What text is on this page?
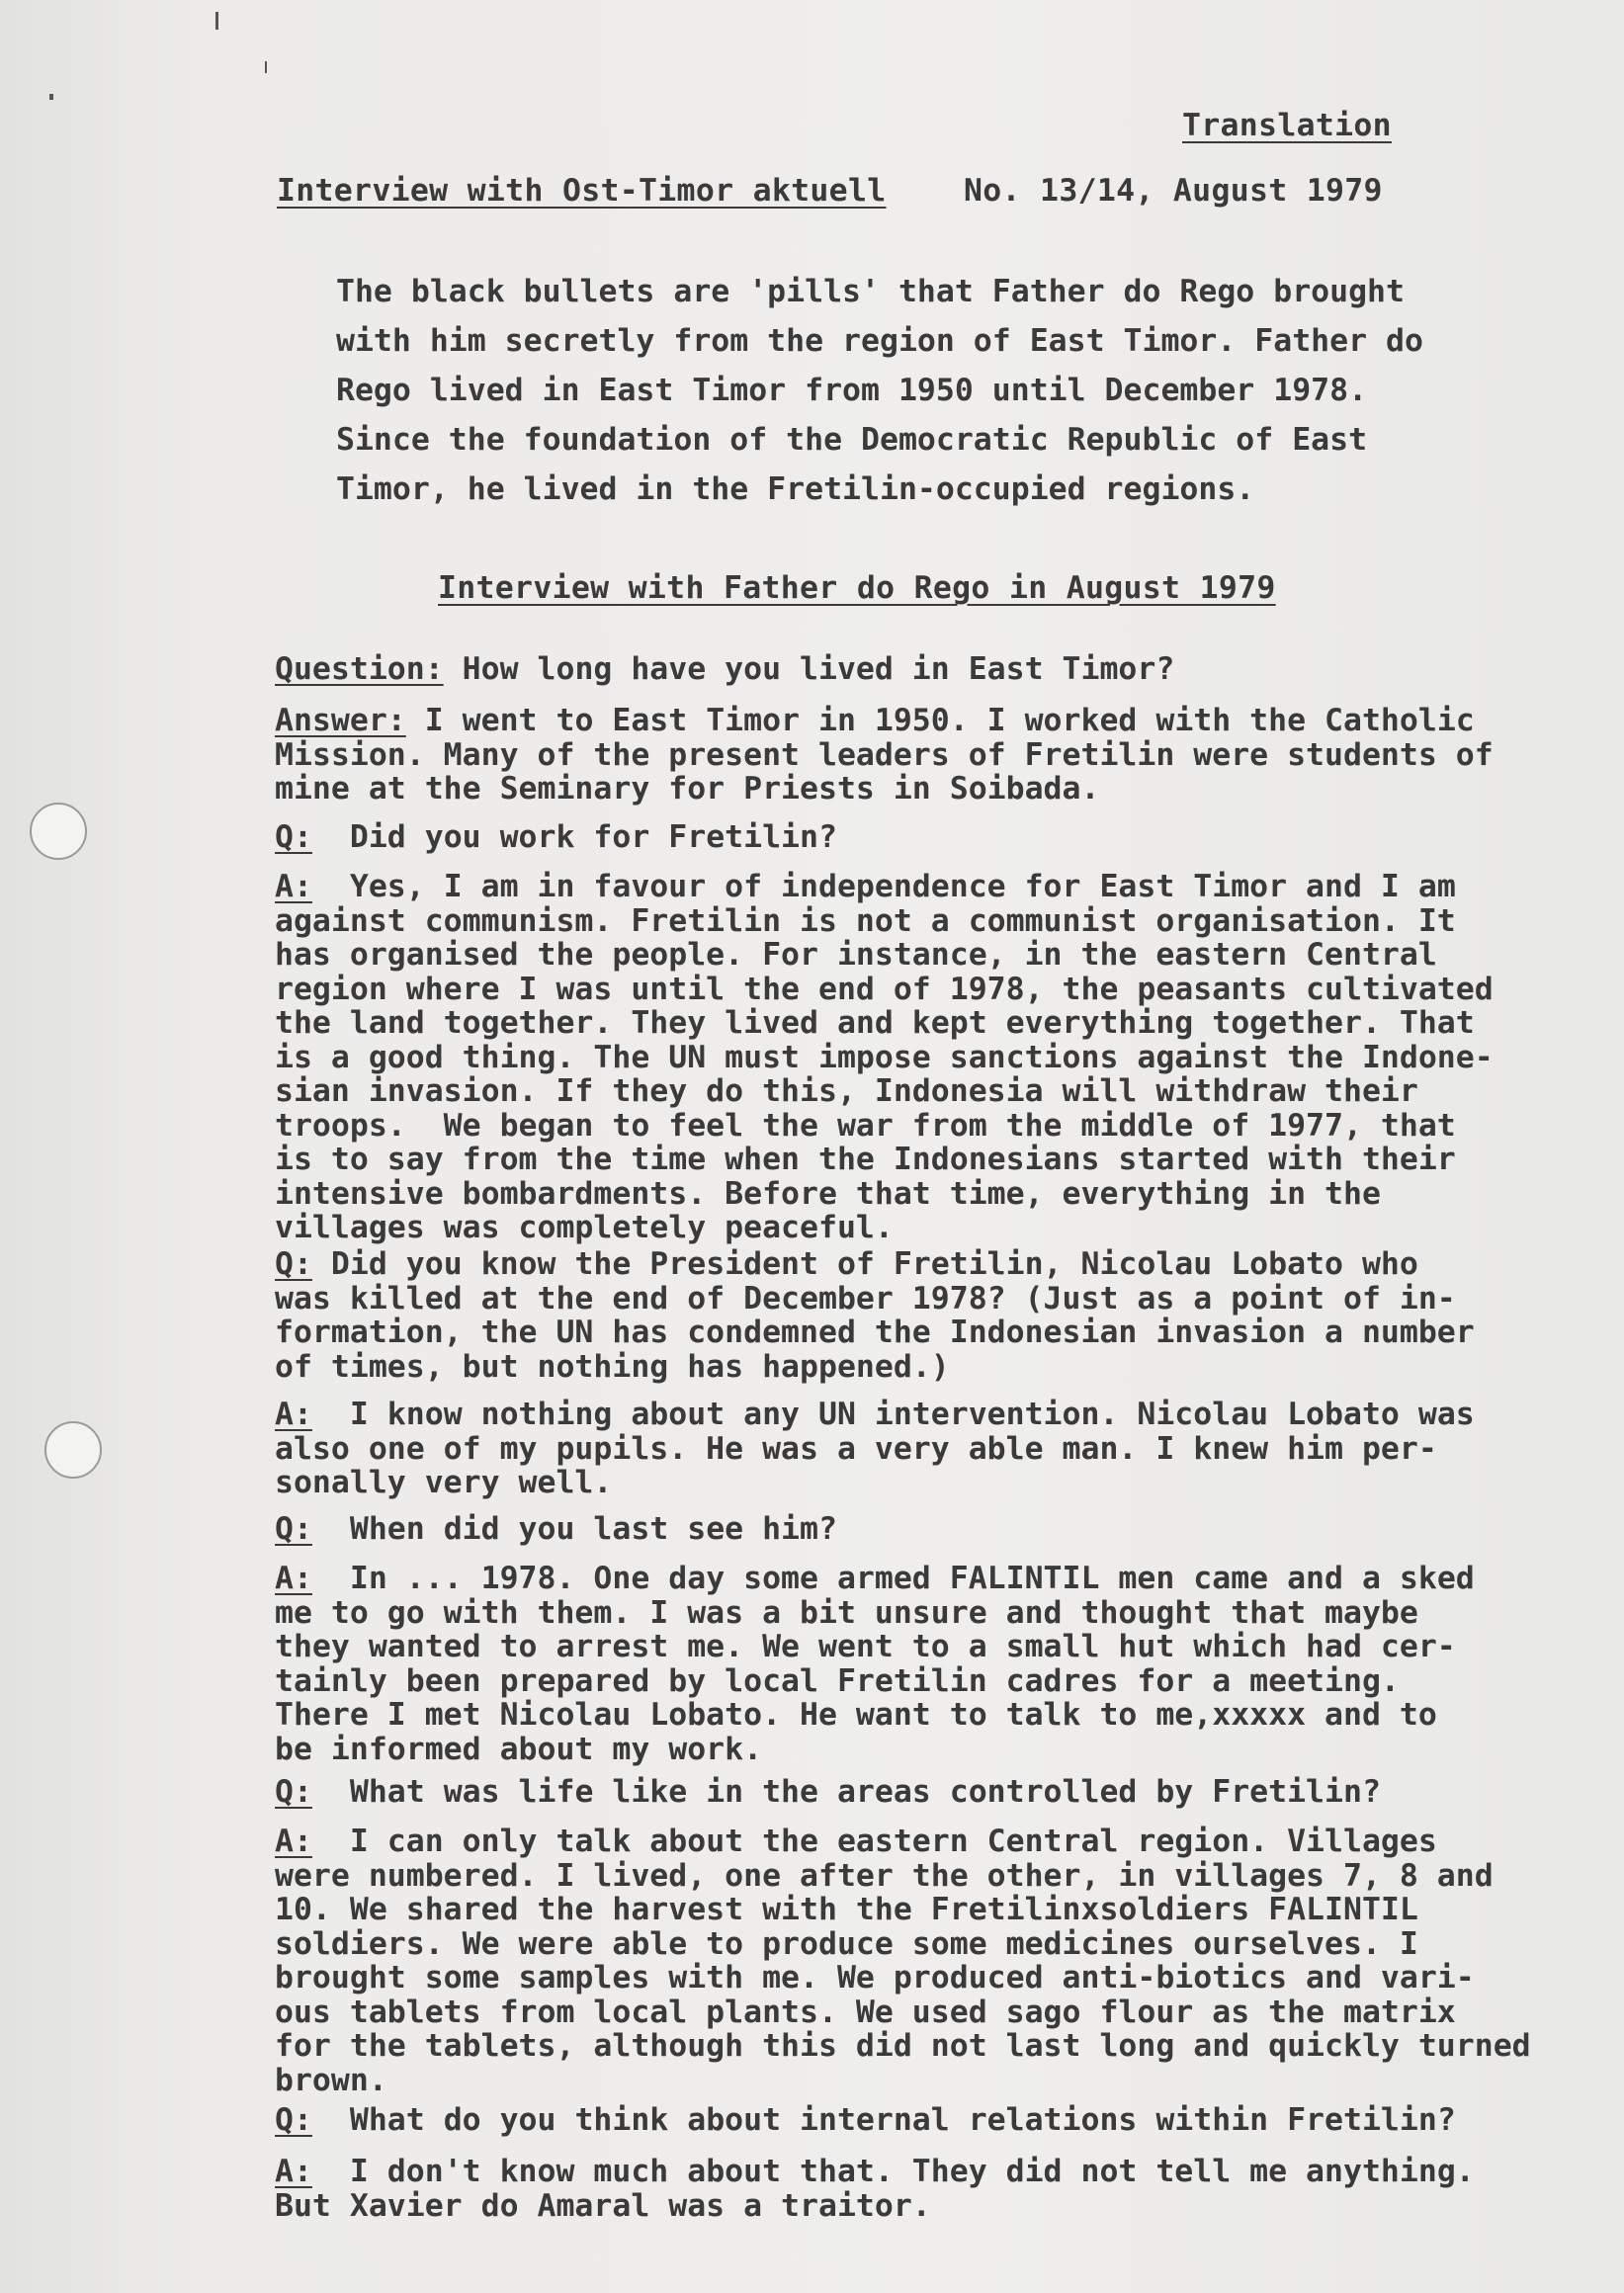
Translation
Interview with Ost-Timor aktuell No. 13/14, August 1979
The black bullets are 'pills' that Father do Rego brought
with him secretly from the region of East Timor. Father do
Rego lived in East Timor from 1950 until December 1978.
Since the foundation of the Democratic Republic of East
Timor, he lived in the Fretilin-occupied regions.
Interview with Father do Rego in August 1979
Question: How long have you lived in East Timor?
Answer: I went to East Timor in 1950. I worked with the Catholic
Mission. Many of the present leaders of Fretilin were students of
mine at the Seminary for Priests in Soibada.
Q:  Did you work for Fretilin?
A:  Yes, I am in favour of independence for East Timor and I am
against communism. Fretilin is not a communist organisation. It
has organised the people. For instance, in the eastern Central
region where I was until the end of 1978, the peasants cultivated
the land together. They lived and kept everything together. That
is a good thing. The UN must impose sanctions against the Indone-
sian invasion. If they do this, Indonesia will withdraw their
troops.  We began to feel the war from the middle of 1977, that
is to say from the time when the Indonesians started with their
intensive bombardments. Before that time, everything in the
villages was completely peaceful.
Q: Did you know the President of Fretilin, Nicolau Lobato who
was killed at the end of December 1978? (Just as a point of in-
formation, the UN has condemned the Indonesian invasion a number
of times, but nothing has happened.)
A:  I know nothing about any UN intervention. Nicolau Lobato was
also one of my pupils. He was a very able man. I knew him per-
sonally very well.
Q:  When did you last see him?
A:  In ... 1978. One day some armed FALINTIL men came and a sked
me to go with them. I was a bit unsure and thought that maybe
they wanted to arrest me. We went to a small hut which had cer-
tainly been prepared by local Fretilin cadres for a meeting.
There I met Nicolau Lobato. He want to talk to me,xxxxx and to
be informed about my work.
Q:  What was life like in the areas controlled by Fretilin?
A:  I can only talk about the eastern Central region. Villages
were numbered. I lived, one after the other, in villages 7, 8 and
10. We shared the harvest with the Fretilinxsoldiers FALINTIL
soldiers. We were able to produce some medicines ourselves. I
brought some samples with me. We produced anti-biotics and vari-
ous tablets from local plants. We used sago flour as the matrix
for the tablets, although this did not last long and quickly turned
brown.
Q:  What do you think about internal relations within Fretilin?
A:  I don't know much about that. They did not tell me anything.
But Xavier do Amaral was a traitor.
